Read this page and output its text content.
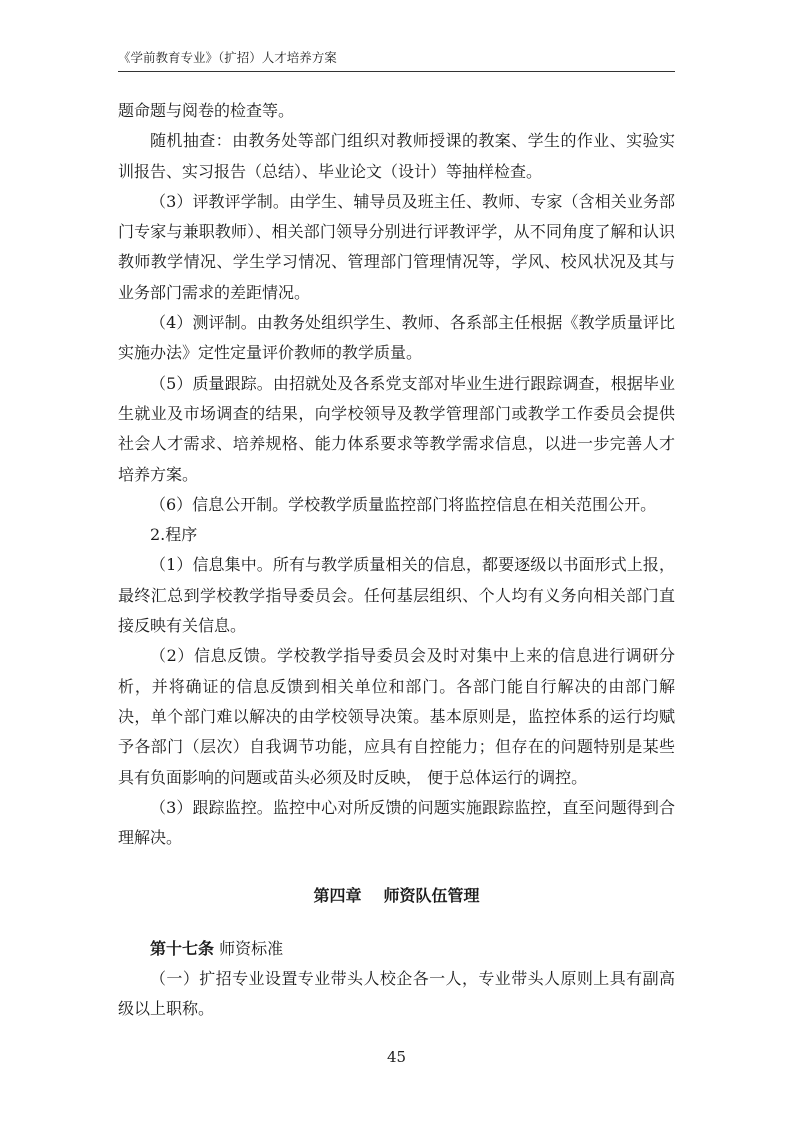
《学前教育专业》（扩招）人才培养方案

题命题与阅卷的检查等。

随机抽查：由教务处等部门组织对教师授课的教案、学生的作业、实验实训报告、实习报告（总结）、毕业论文（设计）等抽样检查。

（3）评教评学制。由学生、辅导员及班主任、教师、专家（含相关业务部门专家与兼职教师）、相关部门领导分别进行评教评学，从不同角度了解和认识教师教学情况、学生学习情况、管理部门管理情况等，学风、校风状况及其与业务部门需求的差距情况。

（4）测评制。由教务处组织学生、教师、各系部主任根据《教学质量评比实施办法》定性定量评价教师的教学质量。

（5）质量跟踪。由招就处及各系党支部对毕业生进行跟踪调查，根据毕业生就业及市场调查的结果，向学校领导及教学管理部门或教学工作委员会提供社会人才需求、培养规格、能力体系要求等教学需求信息，以进一步完善人才培养方案。

（6）信息公开制。学校教学质量监控部门将监控信息在相关范围公开。

2.程序

（1）信息集中。所有与教学质量相关的信息，都要逐级以书面形式上报， 最终汇总到学校教学指导委员会。任何基层组织、个人均有义务向相关部门直接反映有关信息。

（2）信息反馈。学校教学指导委员会及时对集中上来的信息进行调研分析，并将确证的信息反馈到相关单位和部门。各部门能自行解决的由部门解决，单个部门难以解决的由学校领导决策。基本原则是，监控体系的运行均赋予各部门（层次）自我调节功能，应具有自控能力；但存在的问题特别是某些具有负面影响的问题或苗头必须及时反映， 便于总体运行的调控。

（3）跟踪监控。监控中心对所反馈的问题实施跟踪监控，直至问题得到合理解决。

第四章 师资队伍管理

第十七条 师资标准

（一）扩招专业设置专业带头人校企各一人，专业带头人原则上具有副高级以上职称。

45
